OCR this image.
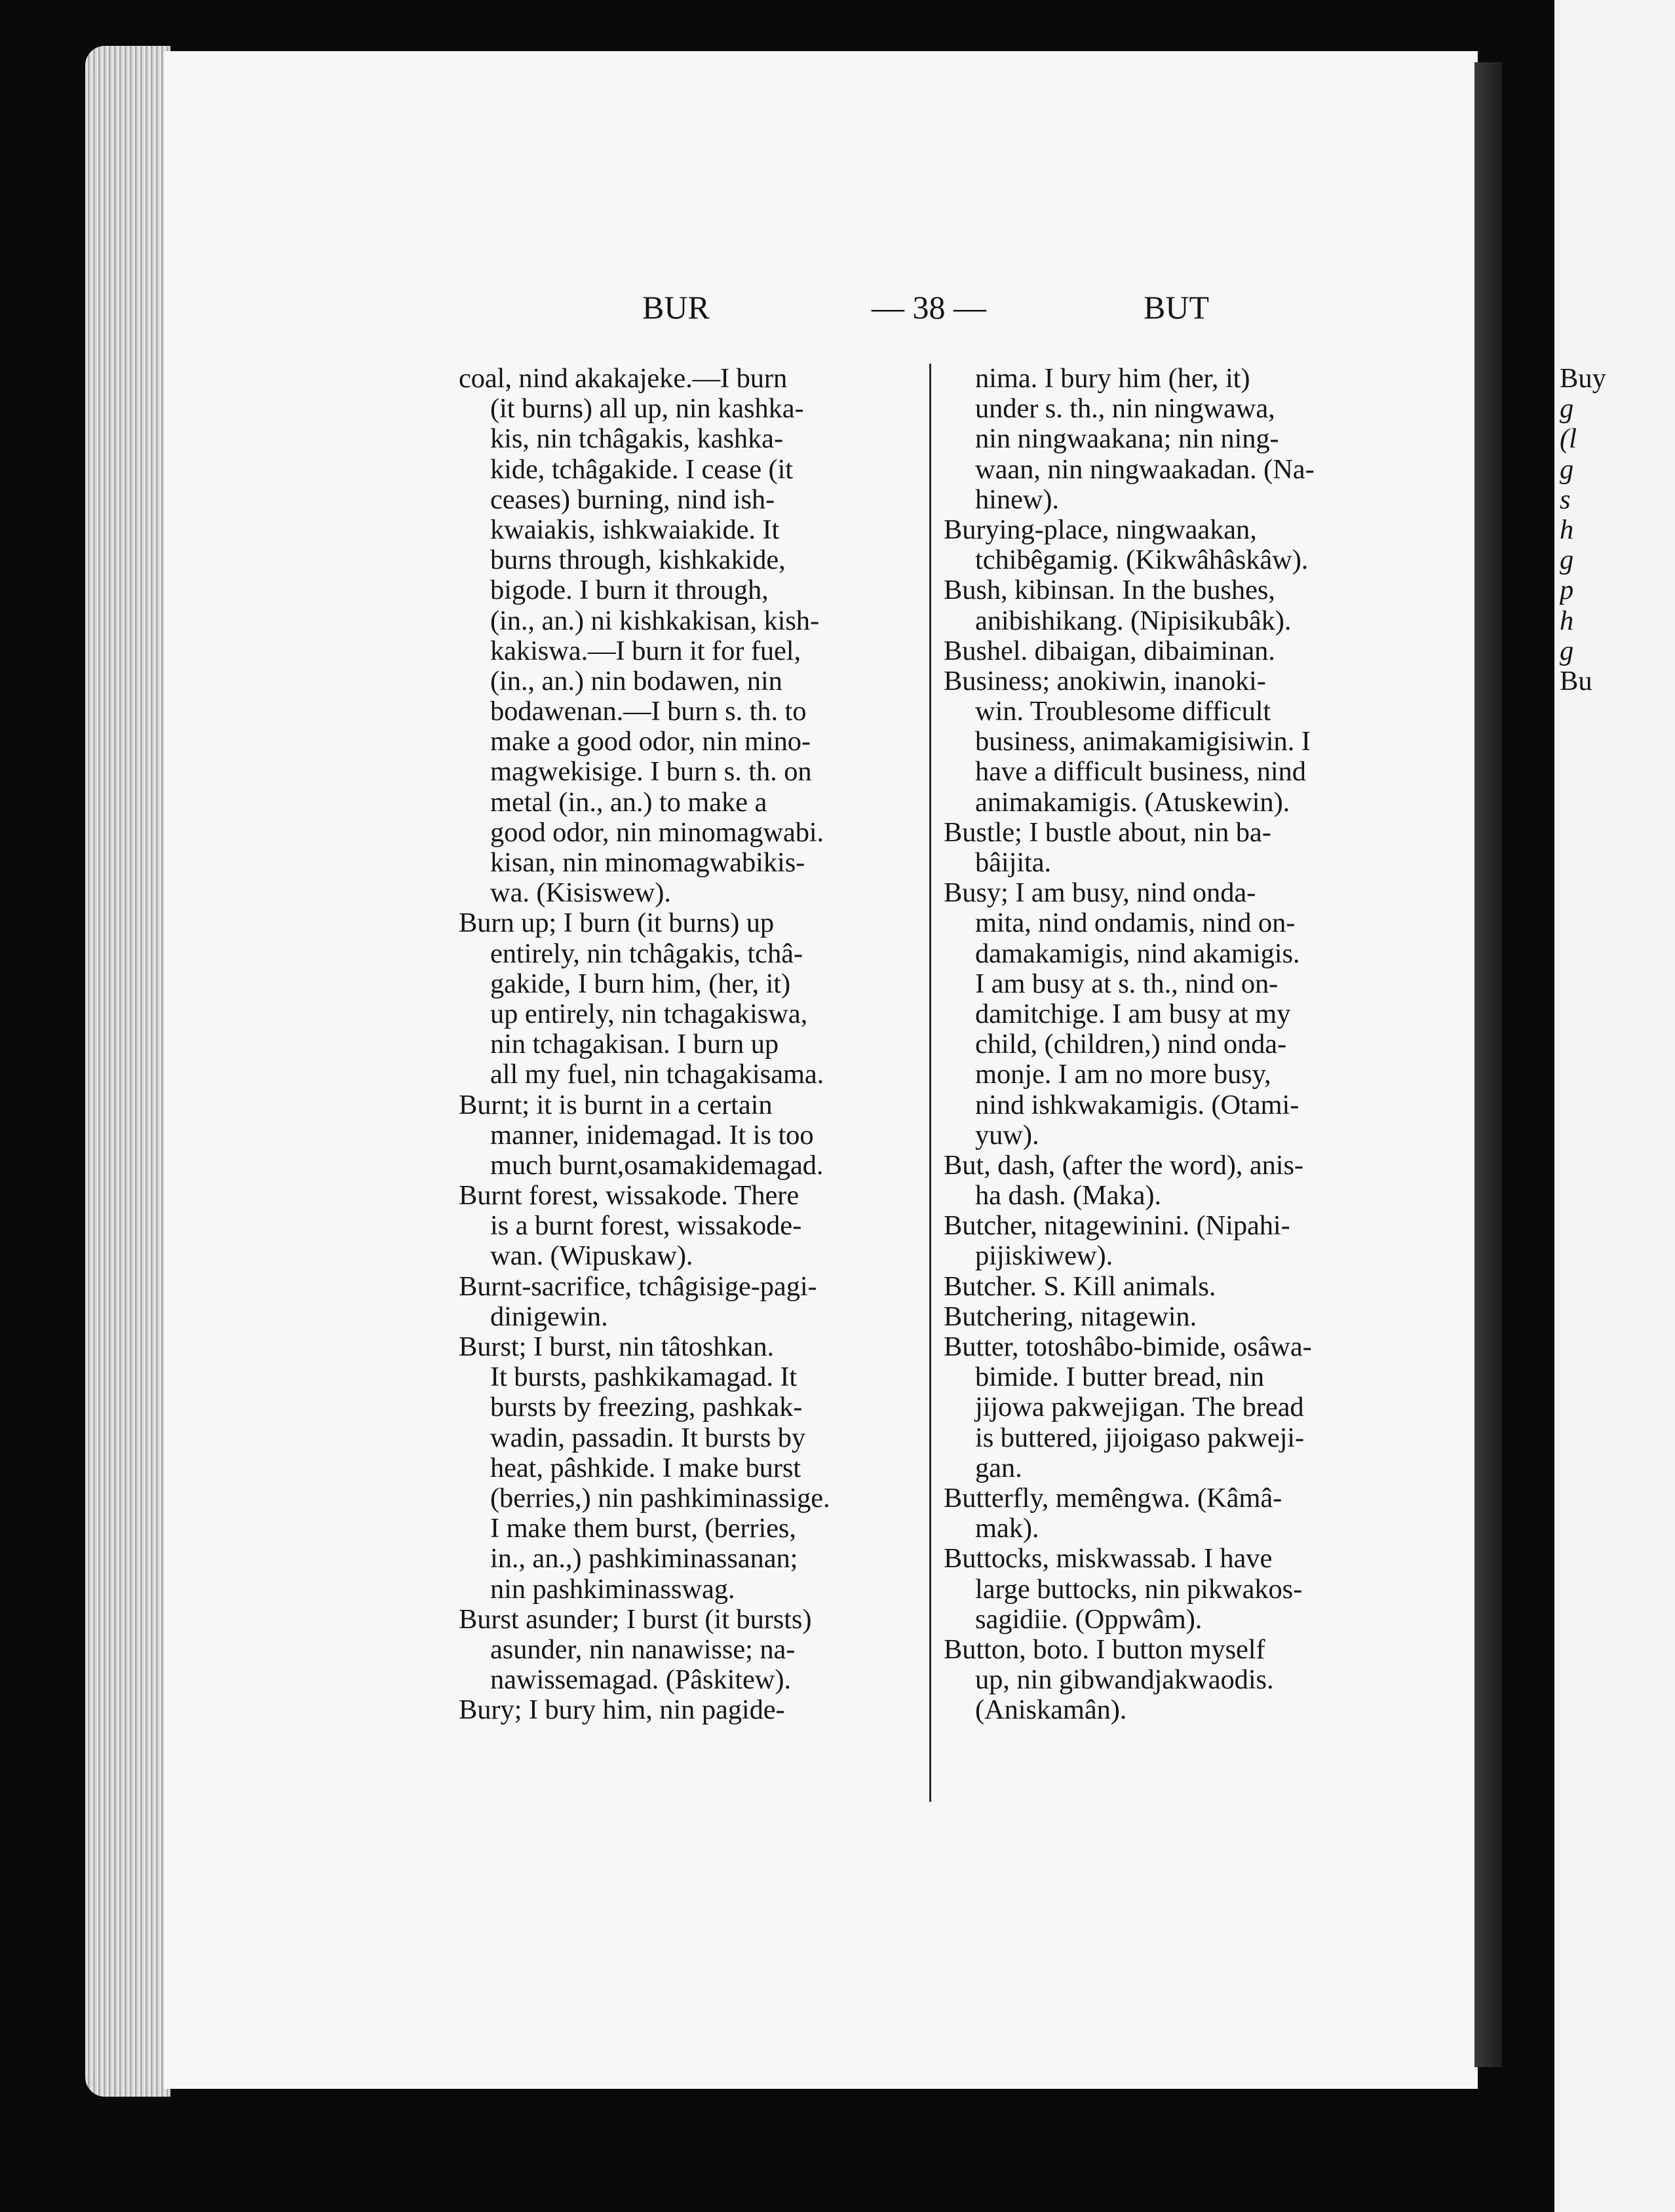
Buy
g
(l
g
s
h
g
p
h
g
Bu
BUR	— 38 —	BUT
coal, nind akakajeke.—I burn
(it burns) all up, nin kashka-
kis, nin tchâgakis, kashka-
kide, tchâgakide. I cease (it
ceases) burning, nind ish-
kwaiakis, ishkwaiakide. It
burns through, kishkakide,
bigode. I burn it through,
(in., an.) ni kishkakisan, kish-
kakiswa.—I burn it for fuel,
(in., an.) nin bodawen, nin
bodawenan.—I burn s. th. to
make a good odor, nin mino-
magwekisige. I burn s. th. on
metal (in., an.) to make a
good odor, nin minomagwabi.
kisan, nin minomagwabikis-
wa. (Kisiswew).
Burn up; I burn (it burns) up
entirely, nin tchâgakis, tchâ-
gakide, I burn him, (her, it)
up entirely, nin tchagakiswa,
nin tchagakisan. I burn up
all my fuel, nin tchagakisama.
Burnt; it is burnt in a certain
manner, inidemagad. It is too
much burnt,osamakidemagad.
Burnt forest, wissakode. There
is a burnt forest, wissakode-
wan. (Wipuskaw).
Burnt-sacrifice, tchâgisige-pagi-
dinigewin.
Burst; I burst, nin tâtoshkan.
It bursts, pashkikamagad. It
bursts by freezing, pashkak-
wadin, passadin. It bursts by
heat, pâshkide. I make burst
(berries,) nin pashkiminassige.
I make them burst, (berries,
in., an.,) pashkiminassanan;
nin pashkiminasswag.
Burst asunder; I burst (it bursts)
asunder, nin nanawisse; na-
nawissemagad. (Pâskitew).
Bury; I bury him, nin pagide-
nima. I bury him (her, it)
under s. th., nin ningwawa,
nin ningwaakana; nin ning-
waan, nin ningwaakadan. (Na-
hinew).
Burying-place, ningwaakan,
tchibêgamig. (Kikwâhâskâw).
Bush, kibinsan. In the bushes,
anibishikang. (Nipisikubâk).
Bushel. dibaigan, dibaiminan.
Business; anokiwin, inanoki-
win. Troublesome difficult
business, animakamigisiwin. I
have a difficult business, nind
animakamigis. (Atuskewin).
Bustle; I bustle about, nin ba-
bâijita.
Busy; I am busy, nind onda-
mita, nind ondamis, nind on-
damakamigis, nind akamigis.
I am busy at s. th., nind on-
damitchige. I am busy at my
child, (children,) nind onda-
monje. I am no more busy,
nind ishkwakamigis. (Otami-
yuw).
But, dash, (after the word), anis-
ha dash. (Maka).
Butcher, nitagewinini. (Nipahi-
pijiskiwew).
Butcher. S. Kill animals.
Butchering, nitagewin.
Butter, totoshâbo-bimide, osâwa-
bimide. I butter bread, nin
jijowa pakwejigan. The bread
is buttered, jijoigaso pakweji-
gan.
Butterfly, memêngwa. (Kâmâ-
mak).
Buttocks, miskwassab. I have
large buttocks, nin pikwakos-
sagidiie. (Oppwâm).
Button, boto. I button myself
up, nin gibwandjakwaodis.
(Aniskamân).
